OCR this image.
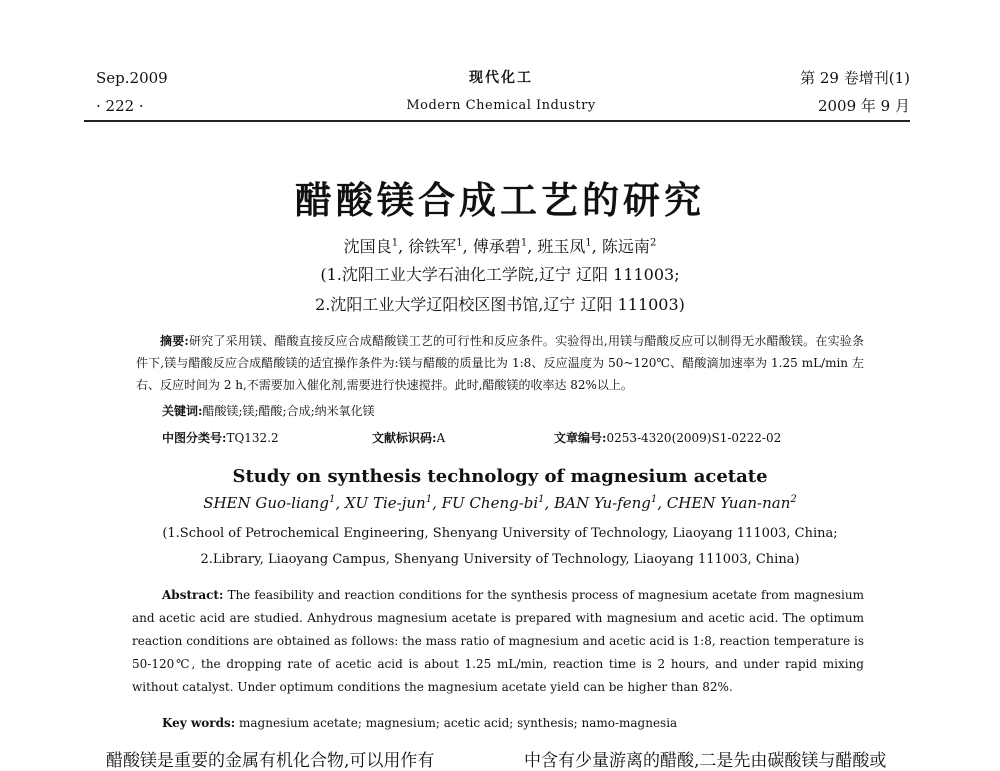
Sep.2009
· 222 ·
现代化工
Modern Chemical Industry
第 29 卷增刊(1)
2009 年 9 月
醋酸镁合成工艺的研究
沈国良$^1$, 徐铁军$^1$, 傅承碧$^1$, 班玉凤$^1$, 陈远南$^2$
(1.沈阳工业大学石油化工学院,辽宁 辽阳 111003;
2.沈阳工业大学辽阳校区图书馆,辽宁 辽阳 111003)
摘要:研究了采用镁、醋酸直接反应合成醋酸镁工艺的可行性和反应条件。实验得出,用镁与醋酸反应可以制得无水醋酸镁。在实验条件下,镁与醋酸反应合成醋酸镁的适宜操作条件为:镁与醋酸的质量比为 1:8、反应温度为 50~120℃、醋酸滴加速率为 1.25 mL/min 左右、反应时间为 2 h,不需要加入催化剂,需要进行快速搅拌。此时,醋酸镁的收率达 82%以上。
关键词:醋酸镁;镁;醋酸;合成;纳米氧化镁
中图分类号:TQ132.2	文献标识码:A	文章编号:0253-4320(2009)S1-0222-02
Study on synthesis technology of magnesium acetate
SHEN Guo-liang$^1$, XU Tie-jun$^1$, FU Cheng-$bi^1$, BAN Yu-feng$^1$, CHEN Yuan-nan$^2$
(1.School of Petrochemical Engineering, Shenyang University of Technology, Liaoyang 111003, China;
2.Library, Liaoyang Campus, Shenyang University of Technology, Liaoyang 111003, China)
Abstract: The feasibility and reaction conditions for the synthesis process of magnesium acetate from magnesium and acetic acid are studied. Anhydrous magnesium acetate is prepared with magnesium and acetic acid. The optimum reaction conditions are obtained as follows: the mass ratio of magnesium and acetic acid is 1:8, reaction temperature is 50-120℃, the dropping rate of acetic acid is about 1.25 mL/min, reaction time is 2 hours, and under rapid mixing without catalyst. Under optimum conditions the magnesium acetate yield can be higher than 82%.
Key words: magnesium acetate; magnesium; acetic acid; synthesis; namo-magnesia
醋酸镁是重要的金属有机化合物,可以用作有	中含有少量游离的醋酸,二是先由碳酸镁与醋酸或
